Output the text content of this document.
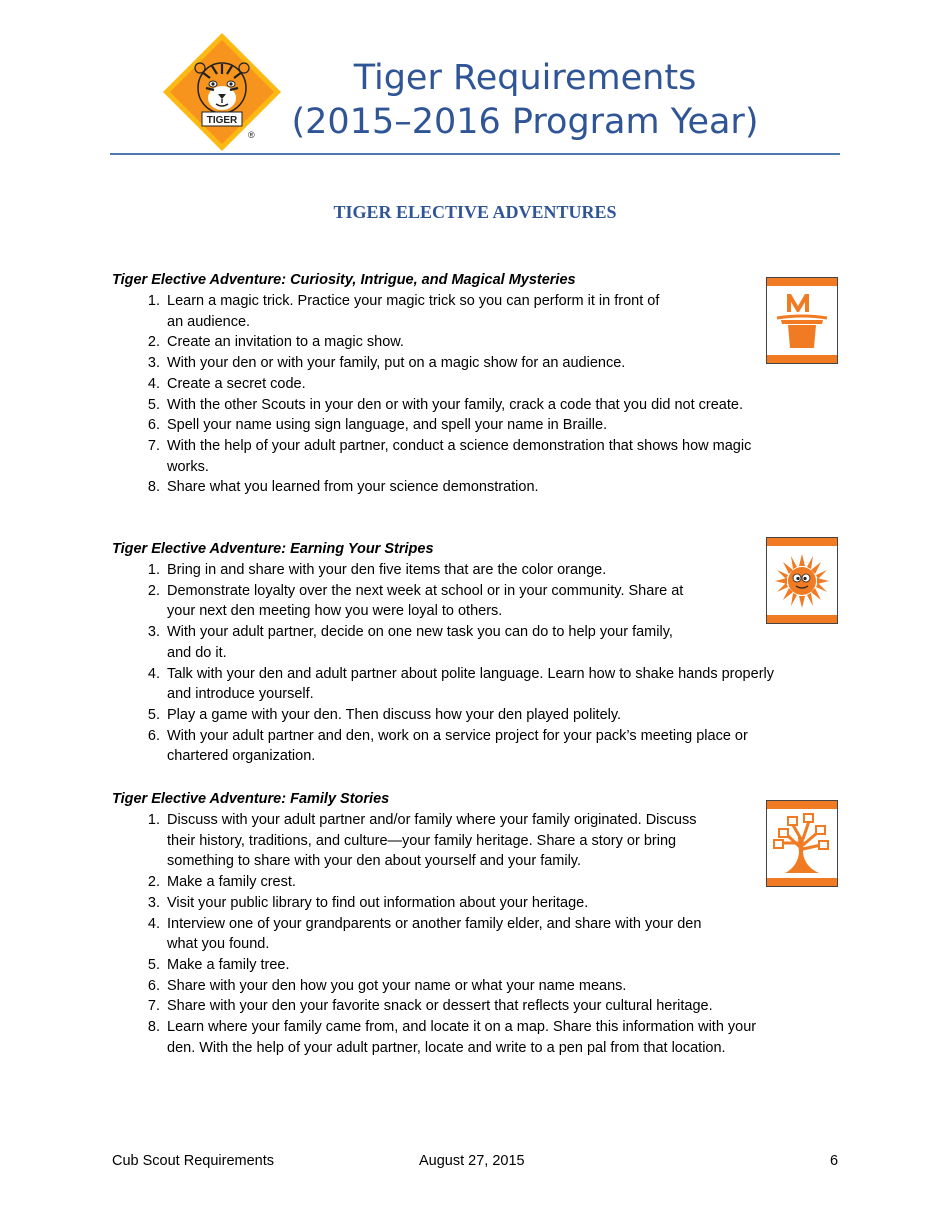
TIGER
®
Tiger Requirements
(2015–2016 Program Year)
TIGER ELECTIVE ADVENTURES

Tiger Elective Adventure: Curiosity, Intrigue, and Magical Mysteries

1. Learn a magic trick. Practice your magic trick so you can perform it in front of
an audience.
2. Create an invitation to a magic show.
3. With your den or with your family, put on a magic show for an audience.
4. Create a secret code.
5. With the other Scouts in your den or with your family, crack a code that you did not create.
6. Spell your name using sign language, and spell your name in Braille.
7. With the help of your adult partner, conduct a science demonstration that shows how magic
works.
8. Share what you learned from your science demonstration.

Tiger Elective Adventure: Earning Your Stripes

1. Bring in and share with your den five items that are the color orange.
2. Demonstrate loyalty over the next week at school or in your community. Share at
your next den meeting how you were loyal to others.
3. With your adult partner, decide on one new task you can do to help your family,
and do it.
4. Talk with your den and adult partner about polite language. Learn how to shake hands properly
and introduce yourself.
5. Play a game with your den. Then discuss how your den played politely.
6. With your adult partner and den, work on a service project for your pack’s meeting place or
chartered organization.

Tiger Elective Adventure: Family Stories

1. Discuss with your adult partner and/or family where your family originated. Discuss
their history, traditions, and culture—your family heritage. Share a story or bring
something to share with your den about yourself and your family.
2. Make a family crest.
3. Visit your public library to find out information about your heritage.
4. Interview one of your grandparents or another family elder, and share with your den
what you found.
5. Make a family tree.
6. Share with your den how you got your name or what your name means.
7. Share with your den your favorite snack or dessert that reflects your cultural heritage.
8. Learn where your family came from, and locate it on a map. Share this information with your
den. With the help of your adult partner, locate and write to a pen pal from that location.
Cub Scout Requirements	August 27, 2015	6
